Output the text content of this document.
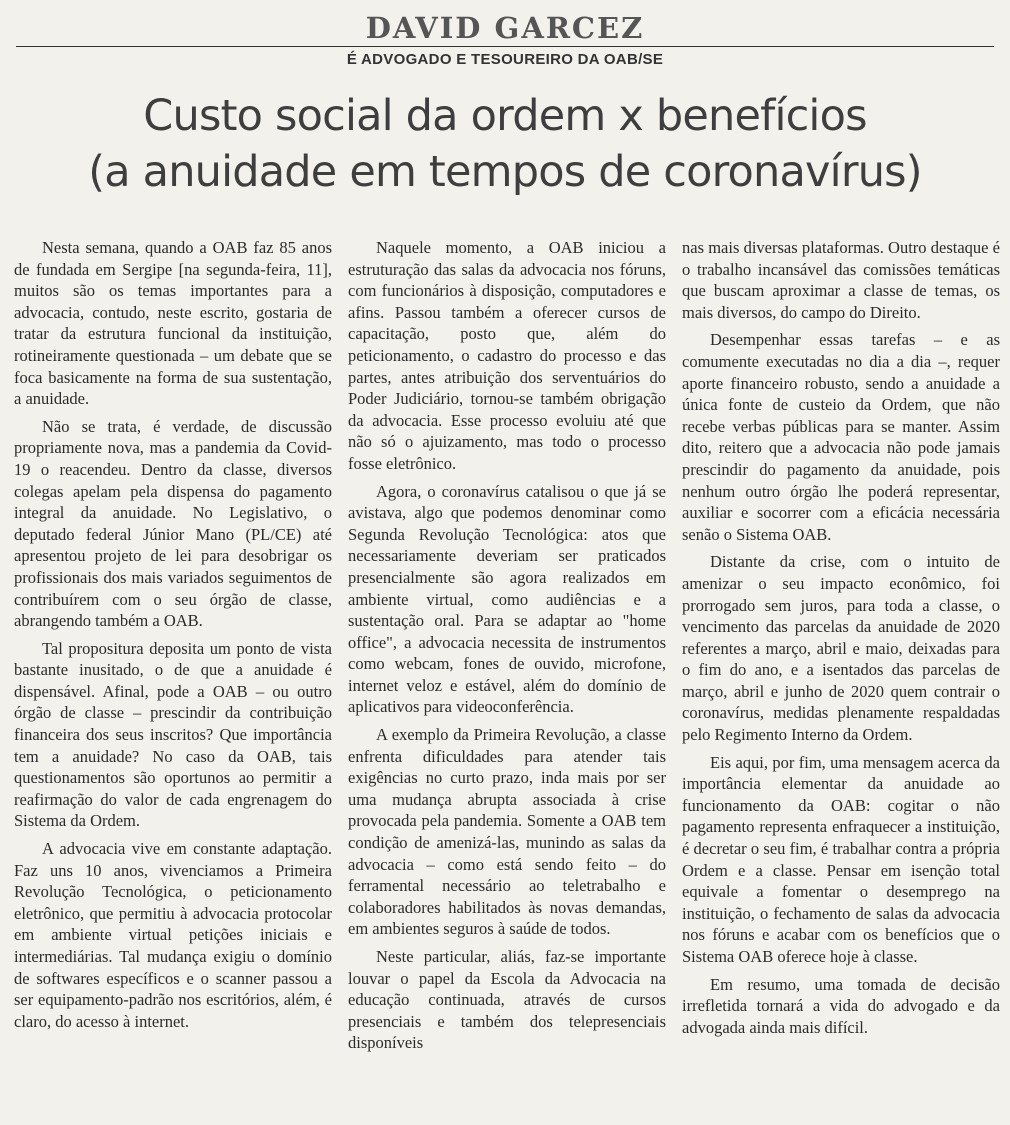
DAVID GARCEZ
É ADVOGADO E TESOUREIRO DA OAB/SE
Custo social da ordem x benefícios
(a anuidade em tempos de coronavírus)

Nesta semana, quando a OAB faz 85 anos de fundada em Sergipe [na segunda-feira, 11], muitos são os temas importantes para a advocacia, contudo, neste escrito, gostaria de tratar da estrutura funcional da instituição, rotineiramente questionada – um debate que se foca basicamente na forma de sua sustentação, a anuidade.

Não se trata, é verdade, de discussão propriamente nova, mas a pandemia da Covid-19 o reacendeu. Dentro da classe, diversos colegas apelam pela dispensa do pagamento integral da anuidade. No Legislativo, o deputado federal Júnior Mano (PL/CE) até apresentou projeto de lei para desobrigar os profissionais dos mais variados seguimentos de contribuírem com o seu órgão de classe, abrangendo também a OAB.

Tal propositura deposita um ponto de vista bastante inusitado, o de que a anuidade é dispensável. Afinal, pode a OAB – ou outro órgão de classe – prescindir da contribuição financeira dos seus inscritos? Que importância tem a anuidade? No caso da OAB, tais questionamentos são oportunos ao permitir a reafirmação do valor de cada engrenagem do Sistema da Ordem.

A advocacia vive em constante adaptação. Faz uns 10 anos, vivenciamos a Primeira Revolução Tecnológica, o peticionamento eletrônico, que permitiu à advocacia protocolar em ambiente virtual petições iniciais e intermediárias. Tal mudança exigiu o domínio de softwares específicos e o scanner passou a ser equipamento-padrão nos escritórios, além, é claro, do acesso à internet.

Naquele momento, a OAB iniciou a estruturação das salas da advocacia nos fóruns, com funcionários à disposição, computadores e afins. Passou também a oferecer cursos de capacitação, posto que, além do peticionamento, o cadastro do processo e das partes, antes atribuição dos serventuários do Poder Judiciário, tornou-se também obrigação da advocacia. Esse processo evoluiu até que não só o ajuizamento, mas todo o processo fosse eletrônico.

Agora, o coronavírus catalisou o que já se avistava, algo que podemos denominar como Segunda Revolução Tecnológica: atos que necessariamente deveriam ser praticados presencialmente são agora realizados em ambiente virtual, como audiências e a sustentação oral. Para se adaptar ao "home office", a advocacia necessita de instrumentos como webcam, fones de ouvido, microfone, internet veloz e estável, além do domínio de aplicativos para videoconferência.

A exemplo da Primeira Revolução, a classe enfrenta dificuldades para atender tais exigências no curto prazo, inda mais por ser uma mudança abrupta associada à crise provocada pela pandemia. Somente a OAB tem condição de amenizá-las, munindo as salas da advocacia – como está sendo feito – do ferramental necessário ao teletrabalho e colaboradores habilitados às novas demandas, em ambientes seguros à saúde de todos.

Neste particular, aliás, faz-se importante louvar o papel da Escola da Advocacia na educação continuada, através de cursos presenciais e também dos telepresenciais disponíveis

nas mais diversas plataformas. Outro destaque é o trabalho incansável das comissões temáticas que buscam aproximar a classe de temas, os mais diversos, do campo do Direito.

Desempenhar essas tarefas – e as comumente executadas no dia a dia –, requer aporte financeiro robusto, sendo a anuidade a única fonte de custeio da Ordem, que não recebe verbas públicas para se manter. Assim dito, reitero que a advocacia não pode jamais prescindir do pagamento da anuidade, pois nenhum outro órgão lhe poderá representar, auxiliar e socorrer com a eficácia necessária senão o Sistema OAB.

Distante da crise, com o intuito de amenizar o seu impacto econômico, foi prorrogado sem juros, para toda a classe, o vencimento das parcelas da anuidade de 2020 referentes a março, abril e maio, deixadas para o fim do ano, e a isentados das parcelas de março, abril e junho de 2020 quem contrair o coronavírus, medidas plenamente respaldadas pelo Regimento Interno da Ordem.

Eis aqui, por fim, uma mensagem acerca da importância elementar da anuidade ao funcionamento da OAB: cogitar o não pagamento representa enfraquecer a instituição, é decretar o seu fim, é trabalhar contra a própria Ordem e a classe. Pensar em isenção total equivale a fomentar o desemprego na instituição, o fechamento de salas da advocacia nos fóruns e acabar com os benefícios que o Sistema OAB oferece hoje à classe.

Em resumo, uma tomada de decisão irrefletida tornará a vida do advogado e da advogada ainda mais difícil.
